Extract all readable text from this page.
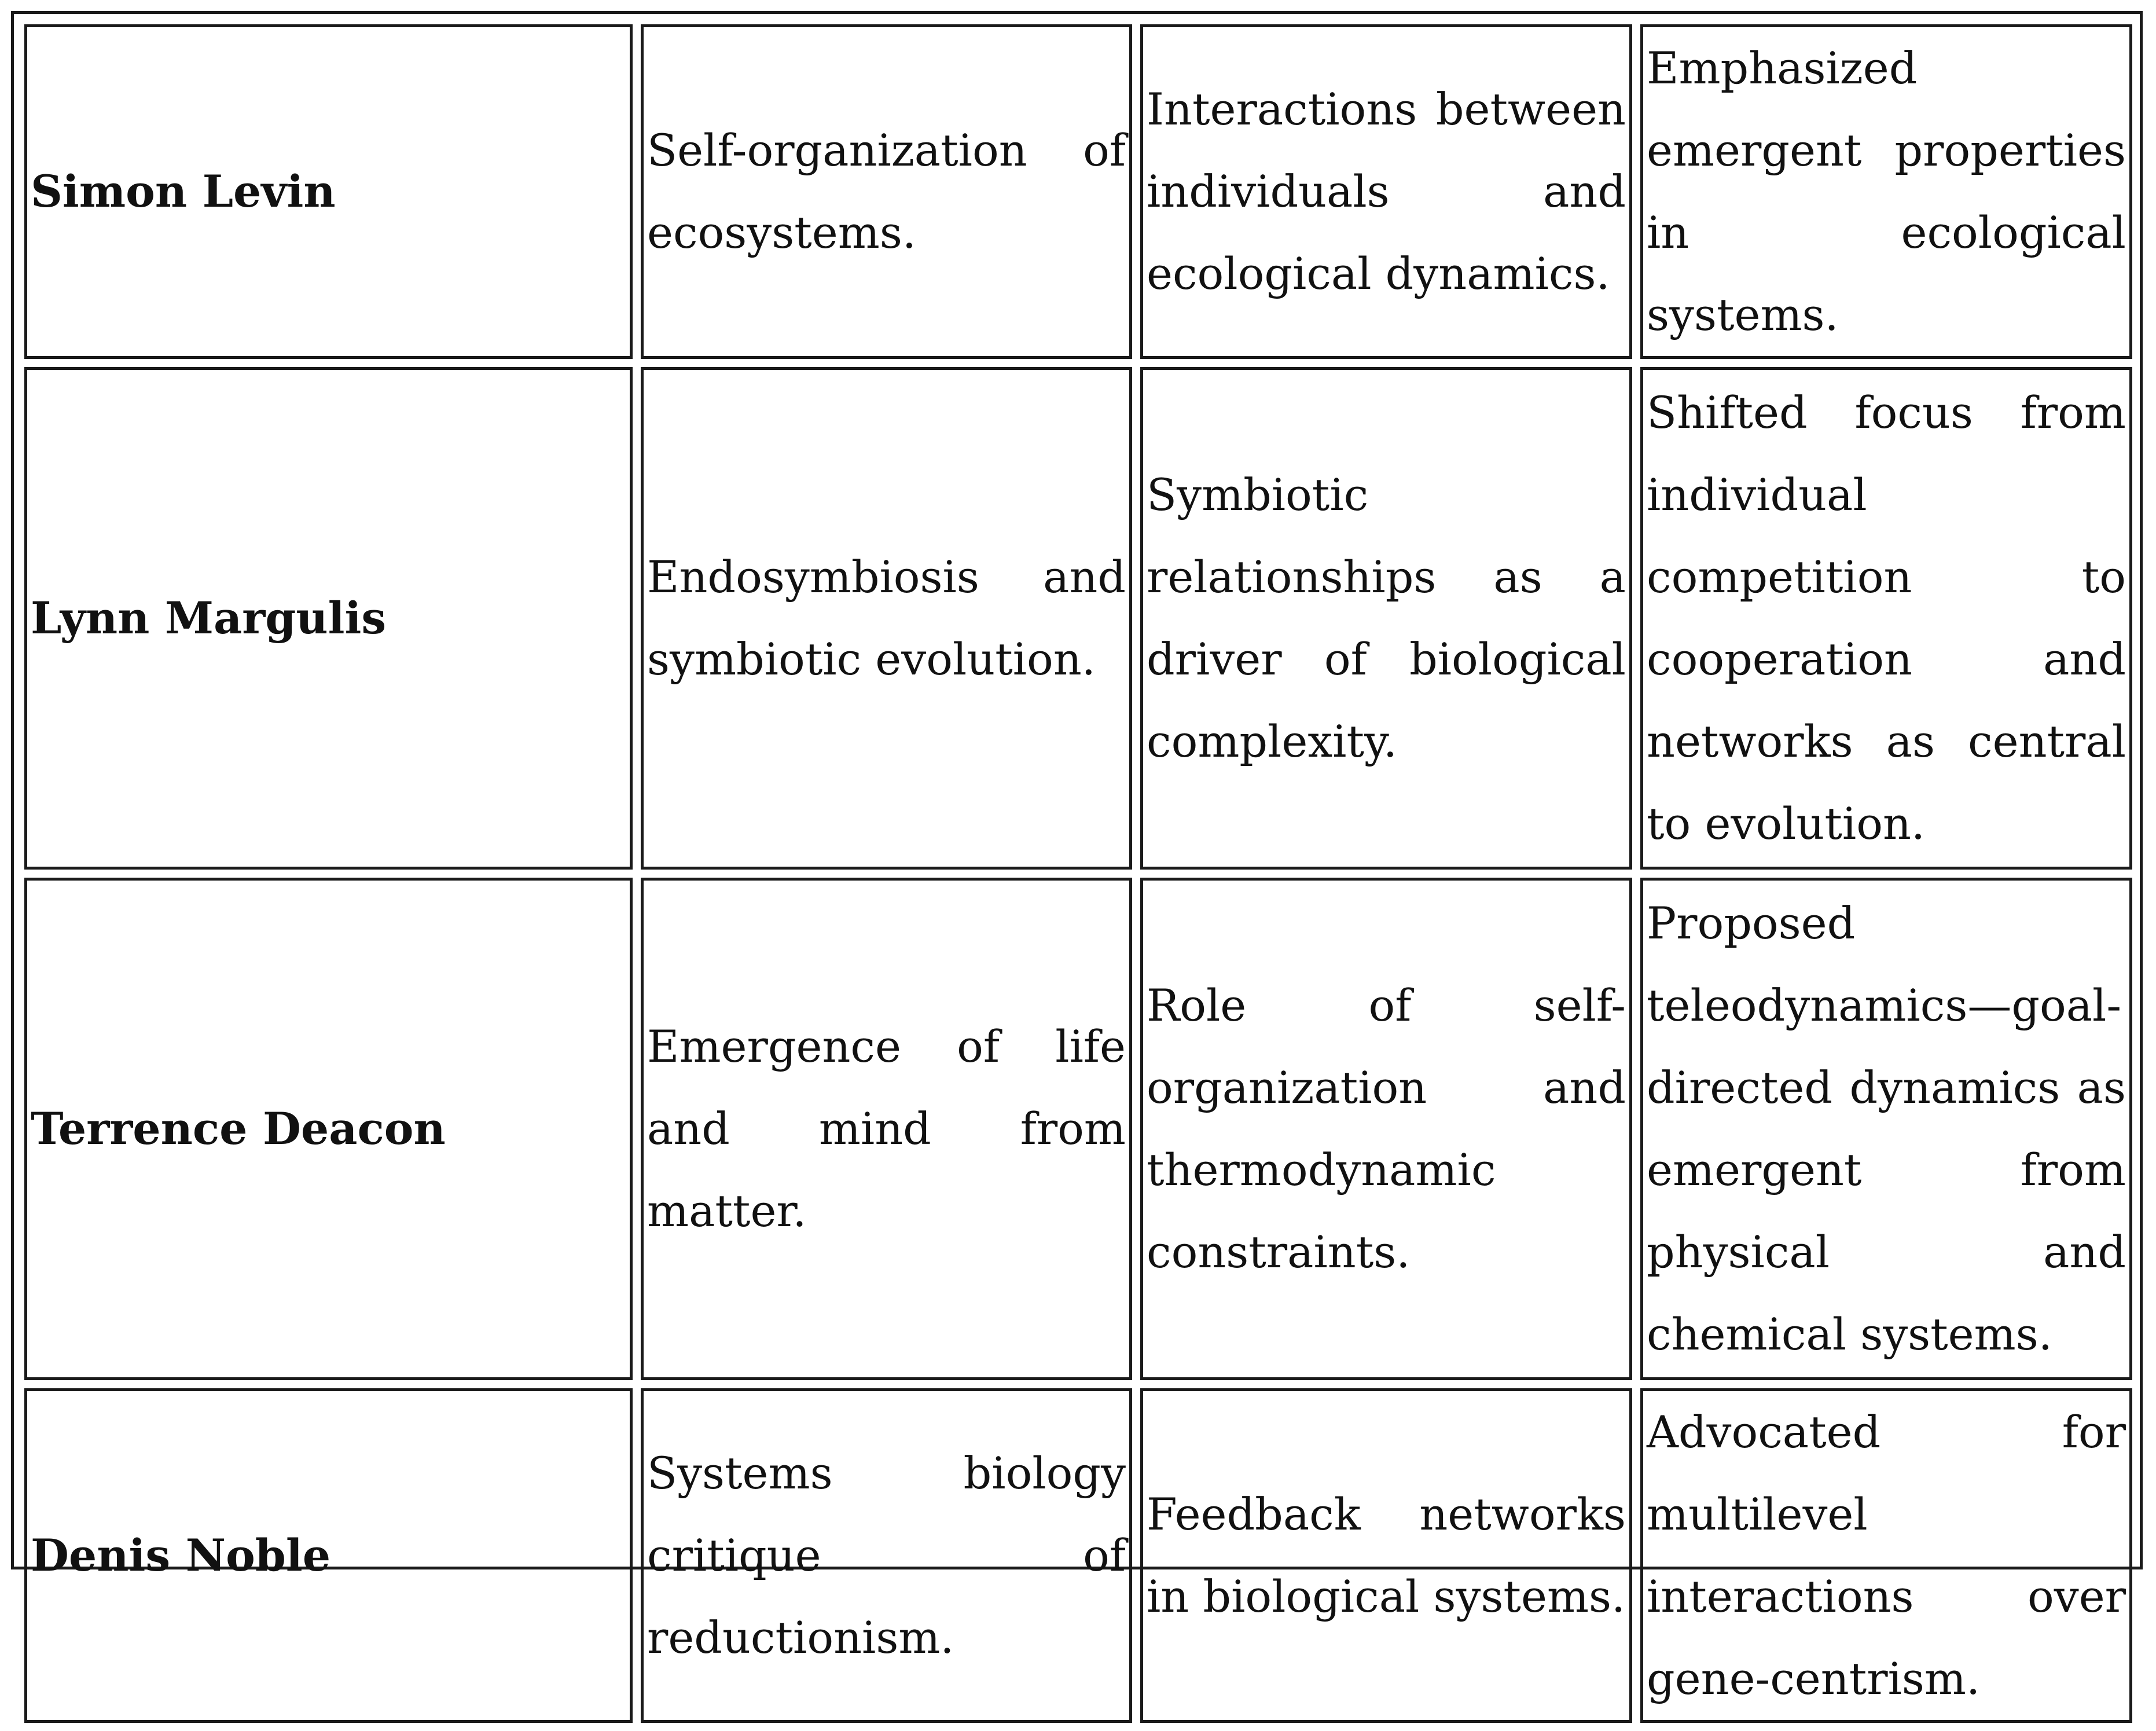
Simon Levin	Self-organization of ecosystems.	Interactions between individuals and ecological dynamics.	Emphasized emergent properties in ecological systems.
Lynn Margulis	Endosymbiosis and symbiotic evolution.	Symbiotic relationships as a driver of biological complexity.	Shifted focus from individual competition to cooperation and networks as central to evolution.
Terrence Deacon	Emergence of life and mind from matter.	Role of self-organization and thermodynamic constraints.	Proposed teleodynamics—goal-directed dynamics as emergent from physical and chemical systems.
Denis Noble	Systems biology critique of reductionism.	Feedback networks in biological systems.	Advocated for multilevel interactions over gene-centrism.
